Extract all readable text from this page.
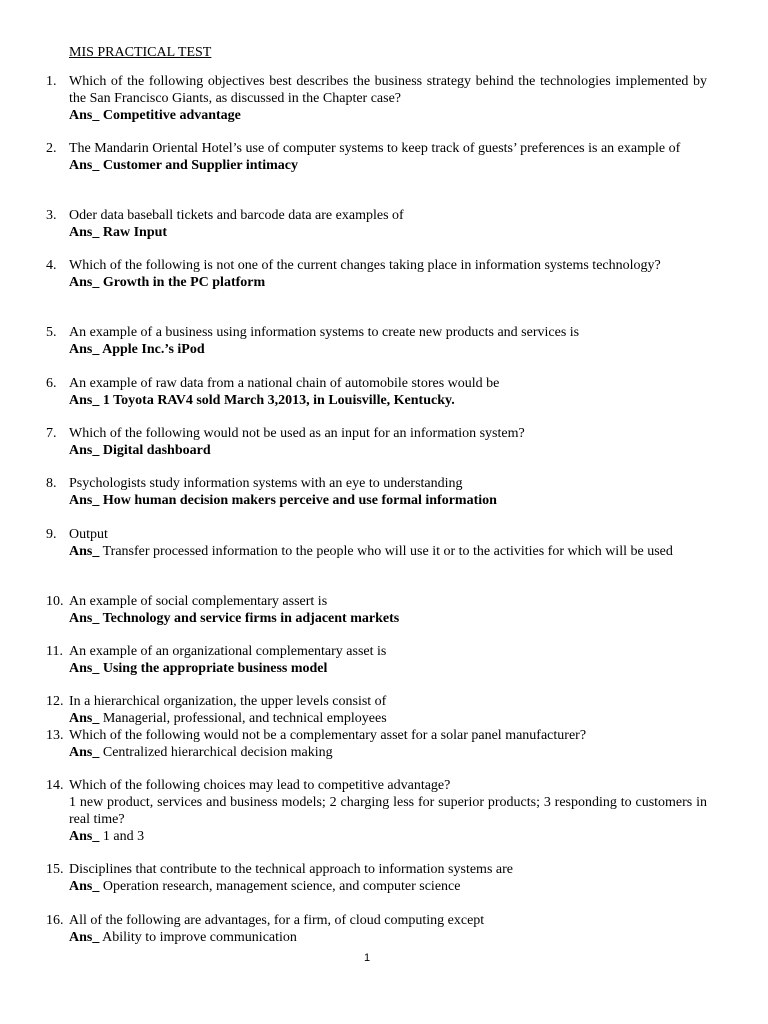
MIS PRACTICAL TEST
1. Which of the following objectives best describes the business strategy behind the technologies implemented by the San Francisco Giants, as discussed in the Chapter case?
Ans_ Competitive advantage
2. The Mandarin Oriental Hotel’s use of computer systems to keep track of guests’ preferences is an example of
Ans_ Customer and Supplier intimacy
3. Oder data baseball tickets and barcode data are examples of
Ans_ Raw Input
4. Which of the following is not one of the current changes taking place in information systems technology?
Ans_ Growth in the PC platform
5. An example of a business using information systems to create new products and services is
Ans_ Apple Inc.’s iPod
6. An example of raw data from a national chain of automobile stores would be
Ans_ 1 Toyota RAV4 sold March 3,2013, in Louisville, Kentucky.
7. Which of the following would not be used as an input for an information system?
Ans_ Digital dashboard
8. Psychologists study information systems with an eye to understanding
Ans_ How human decision makers perceive and use formal information
9. Output
Ans_ Transfer processed information to the people who will use it or to the activities for which will be used
10. An example of social complementary assert is
Ans_ Technology and service firms in adjacent markets
11. An example of an organizational complementary asset is
Ans_ Using the appropriate business model
12. In a hierarchical organization, the upper levels consist of
Ans_ Managerial, professional, and technical employees
13. Which of the following would not be a complementary asset for a solar panel manufacturer?
Ans_ Centralized hierarchical decision making
14. Which of the following choices may lead to competitive advantage?
1 new product, services and business models; 2 charging less for superior products; 3 responding to customers in real time?
Ans_ 1 and 3
15. Disciplines that contribute to the technical approach to information systems are
Ans_ Operation research, management science, and computer science
16. All of the following are advantages, for a firm, of cloud computing except
Ans_ Ability to improve communication
1
